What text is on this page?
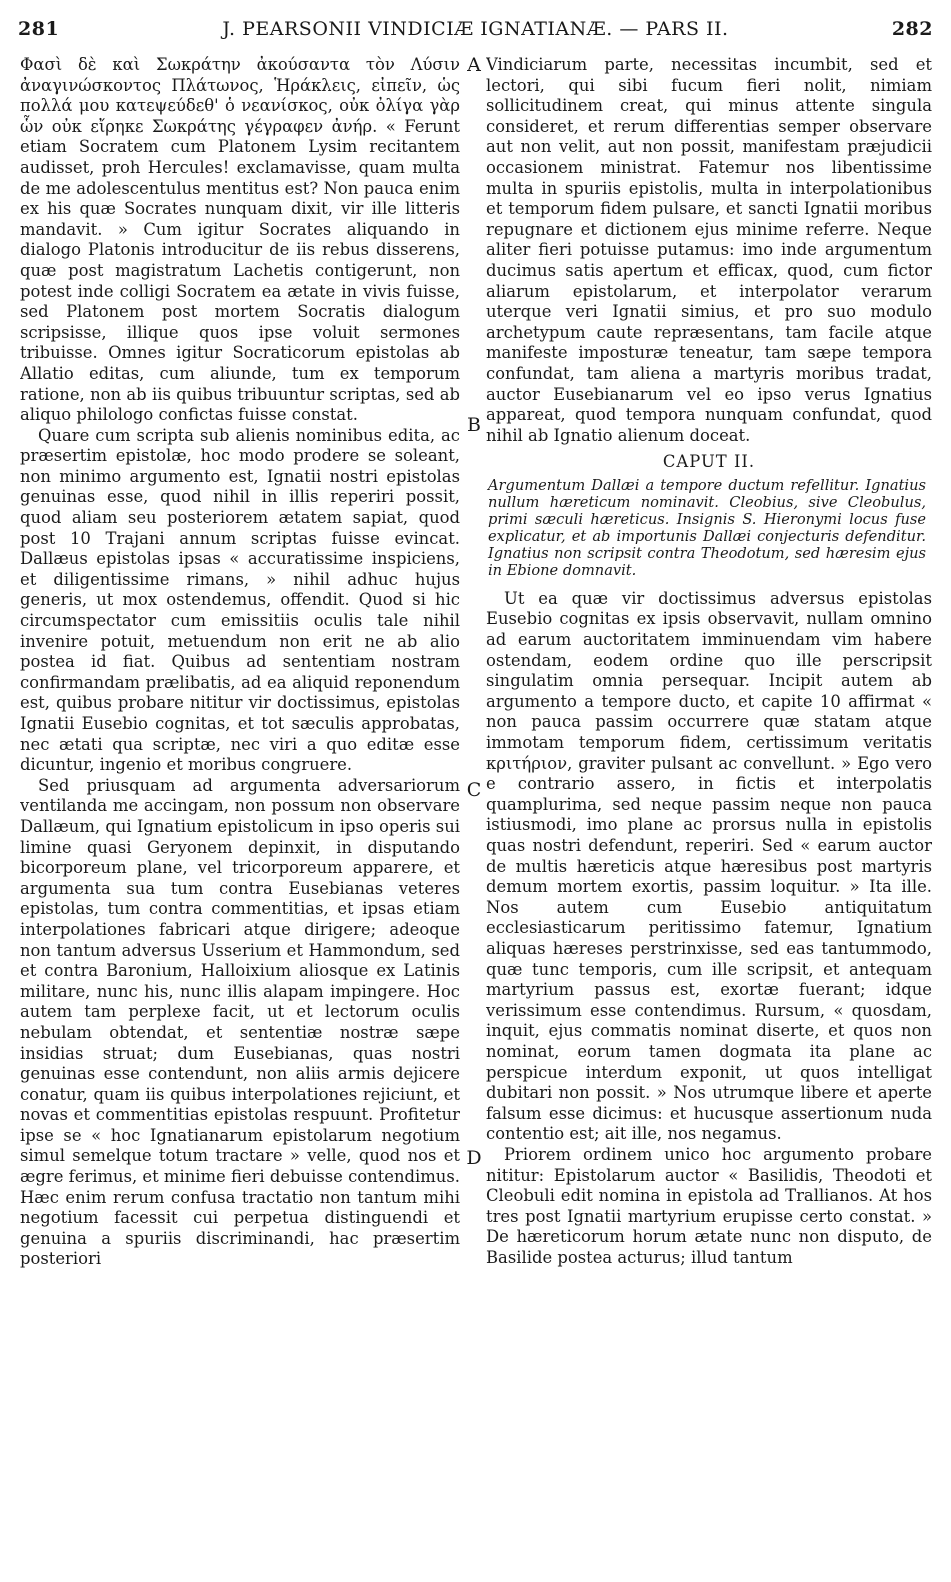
281	J. PEARSONII VINDICIÆ IGNATIANÆ. — PARS II.	282

Φασὶ δὲ καὶ Σωκράτην ἀκούσαντα τὸν Λύσιν ἀναγινώσκοντος Πλάτωνος, Ἡράκλεις, εἰπεῖν, ὡς πολλά μου κατεψεύδεθ' ὁ νεανίσκος, οὐκ ὀλίγα γὰρ ὧν οὐκ εἴρηκε Σωκράτης γέγραφεν ἀνήρ. « Ferunt etiam Socratem cum Platonem Lysim recitantem audisset, proh Hercules! exclamavisse, quam multa de me adolescentulus mentitus est? Non pauca enim ex his quæ Socrates nunquam dixit, vir ille litteris mandavit. » Cum igitur Socrates aliquando in dialogo Platonis introducitur de iis rebus disserens, quæ post magistratum Lachetis contigerunt, non potest inde colligi Socratem ea ætate in vivis fuisse, sed Platonem post mortem Socratis dialogum scripsisse, illique quos ipse voluit sermones tribuisse. Omnes igitur Socraticorum epistolas ab Allatio editas, cum aliunde, tum ex temporum ratione, non ab iis quibus tribuuntur scriptas, sed ab aliquo philologo confictas fuisse constat.

Quare cum scripta sub alienis nominibus edita, ac præsertim epistolæ, hoc modo prodere se soleant, non minimo argumento est, Ignatii nostri epistolas genuinas esse, quod nihil in illis reperiri possit, quod aliam seu posteriorem ætatem sapiat, quod post 10 Trajani annum scriptas fuisse evincat. Dallæus epistolas ipsas « accuratissime inspiciens, et diligentissime rimans, » nihil adhuc hujus generis, ut mox ostendemus, offendit. Quod si hic circumspectator cum emissitiis oculis tale nihil invenire potuit, metuendum non erit ne ab alio postea id fiat. Quibus ad sententiam nostram confirmandam prælibatis, ad ea aliquid reponendum est, quibus probare nititur vir doctissimus, epistolas Ignatii Eusebio cognitas, et tot sæculis approbatas, nec ætati qua scriptæ, nec viri a quo editæ esse dicuntur, ingenio et moribus congruere.

Sed priusquam ad argumenta adversariorum ventilanda me accingam, non possum non observare Dallæum, qui Ignatium epistolicum in ipso operis sui limine quasi Geryonem depinxit, in disputando bicorporeum plane, vel tricorporeum apparere, et argumenta sua tum contra Eusebianas veteres epistolas, tum contra commentitias, et ipsas etiam interpolationes fabricari atque dirigere; adeoque non tantum adversus Usserium et Hammondum, sed et contra Baronium, Halloixium aliosque ex Latinis militare, nunc his, nunc illis alapam impingere. Hoc autem tam perplexe facit, ut et lectorum oculis nebulam obtendat, et sententiæ nostræ sæpe insidias struat; dum Eusebianas, quas nostri genuinas esse contendunt, non aliis armis dejicere conatur, quam iis quibus interpolationes rejiciunt, et novas et commentitias epistolas respuunt. Profitetur ipse se « hoc Ignatianarum epistolarum negotium simul semelque totum tractare » velle, quod nos et ægre ferimus, et minime fieri debuisse contendimus. Hæc enim rerum confusa tractatio non tantum mihi negotium facessit cui perpetua distinguendi et genuina a spuriis discriminandi, hac præsertim posteriori

A
B
C
D

Vindiciarum parte, necessitas incumbit, sed et lectori, qui sibi fucum fieri nolit, nimiam sollicitudinem creat, qui minus attente singula consideret, et rerum differentias semper observare aut non velit, aut non possit, manifestam præjudicii occasionem ministrat. Fatemur nos libentissime multa in spuriis epistolis, multa in interpolationibus et temporum fidem pulsare, et sancti Ignatii moribus repugnare et dictionem ejus minime referre. Neque aliter fieri potuisse putamus: imo inde argumentum ducimus satis apertum et efficax, quod, cum fictor aliarum epistolarum, et interpolator verarum uterque veri Ignatii simius, et pro suo modulo archetypum caute repræsentans, tam facile atque manifeste imposturæ teneatur, tam sæpe tempora confundat, tam aliena a martyris moribus tradat, auctor Eusebianarum vel eo ipso verus Ignatius appareat, quod tempora nunquam confundat, quod nihil ab Ignatio alienum doceat.

CAPUT II.

Argumentum Dallæi a tempore ductum refellitur. Ignatius nullum hæreticum nominavit. Cleobius, sive Cleobulus, primi sæculi hæreticus. Insignis S. Hieronymi locus fuse explicatur, et ab importunis Dallæi conjecturis defenditur. Ignatius non scripsit contra Theodotum, sed hæresim ejus in Ebione domnavit.

Ut ea quæ vir doctissimus adversus epistolas Eusebio cognitas ex ipsis observavit, nullam omnino ad earum auctoritatem imminuendam vim habere ostendam, eodem ordine quo ille perscripsit singulatim omnia persequar. Incipit autem ab argumento a tempore ducto, et capite 10 affirmat « non pauca passim occurrere quæ statam atque immotam temporum fidem, certissimum veritatis κριτήριον, graviter pulsant ac convellunt. » Ego vero e contrario assero, in fictis et interpolatis quamplurima, sed neque passim neque non pauca istiusmodi, imo plane ac prorsus nulla in epistolis quas nostri defendunt, reperiri. Sed « earum auctor de multis hæreticis atque hæresibus post martyris demum mortem exortis, passim loquitur. » Ita ille. Nos autem cum Eusebio antiquitatum ecclesiasticarum peritissimo fatemur, Ignatium aliquas hæreses perstrinxisse, sed eas tantummodo, quæ tunc temporis, cum ille scripsit, et antequam martyrium passus est, exortæ fuerant; idque verissimum esse contendimus. Rursum, « quosdam, inquit, ejus commatis nominat diserte, et quos non nominat, eorum tamen dogmata ita plane ac perspicue interdum exponit, ut quos intelligat dubitari non possit. » Nos utrumque libere et aperte falsum esse dicimus: et hucusque assertionum nuda contentio est; ait ille, nos negamus.

Priorem ordinem unico hoc argumento probare nititur: Epistolarum auctor « Basilidis, Theodoti et Cleobuli edit nomina in epistola ad Trallianos. At hos tres post Ignatii martyrium erupisse certo constat. » De hæreticorum horum ætate nunc non disputo, de Basilide postea acturus; illud tantum
